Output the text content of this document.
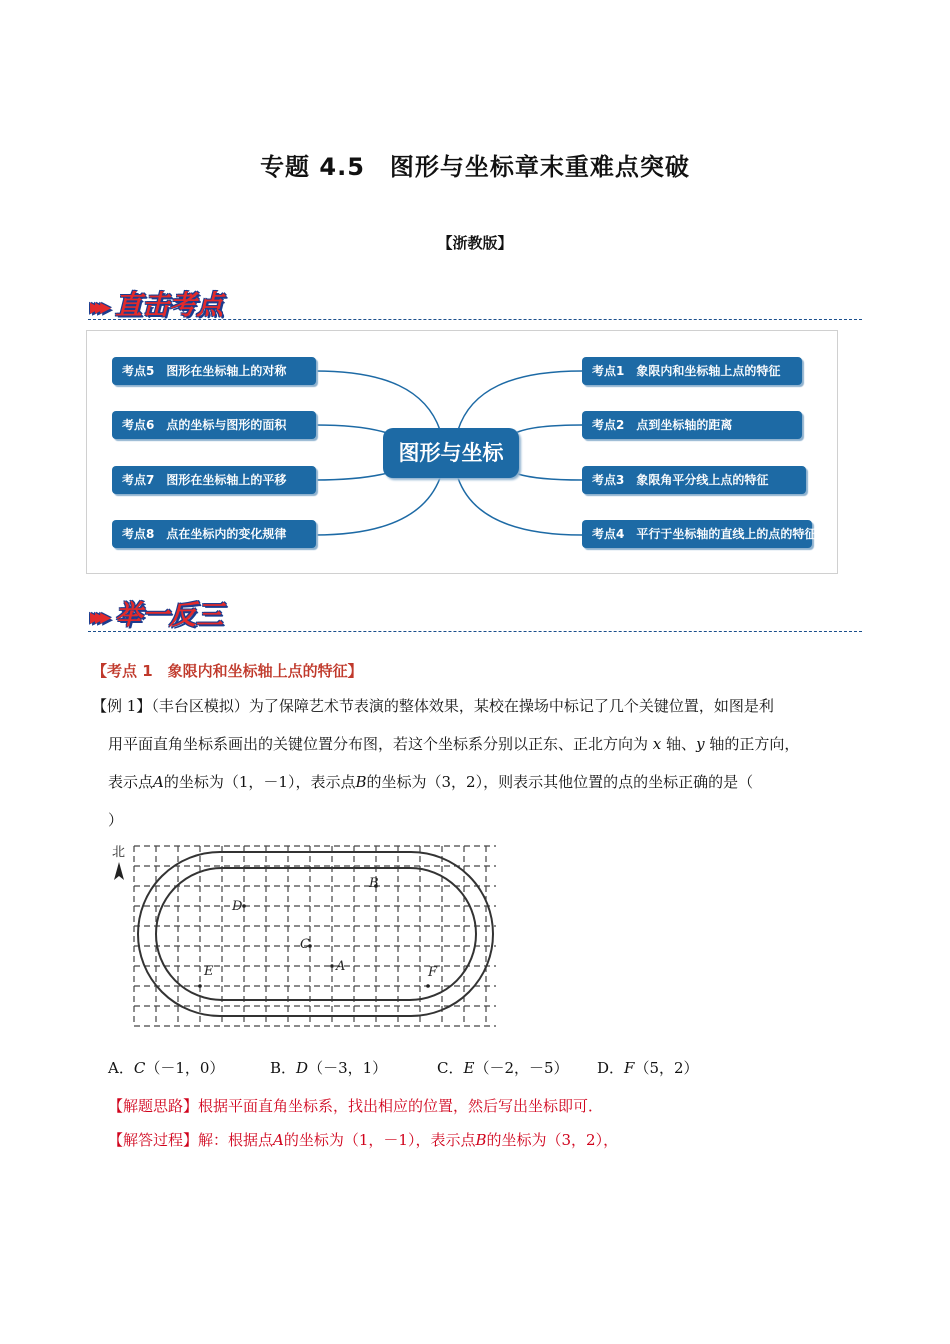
专题 4.5　图形与坐标章末重难点突破
【浙教版】
▸▸▸ 直击考点
图形与坐标
考点5　图形在坐标轴上的对称
考点6　点的坐标与图形的面积
考点7　图形在坐标轴上的平移
考点8　点在坐标内的变化规律
考点1　象限内和坐标轴上点的特征
考点2　点到坐标轴的距离
考点3　象限角平分线上点的特征
考点4　平行于坐标轴的直线上的点的特征
▸▸▸ 举一反三
【考点 1　象限内和坐标轴上点的特征】
【例 1】（丰台区模拟）为了保障艺术节表演的整体效果，某校在操场中标记了几个关键位置，如图是利
用平面直角坐标系画出的关键位置分布图，若这个坐标系分别以正东、正北方向为 x 轴、y 轴的正方向，
表示点A的坐标为（1，－1），表示点B的坐标为（3，2），则表示其他位置的点的坐标正确的是（
）
北
B
D
C
A
E	F
A．C（－1，0）	B．D（－3，1）	C．E（－2，－5） D．F（5，2）
【解题思路】根据平面直角坐标系，找出相应的位置，然后写出坐标即可．
【解答过程】解：根据点A的坐标为（1，－1），表示点B的坐标为（3，2），
